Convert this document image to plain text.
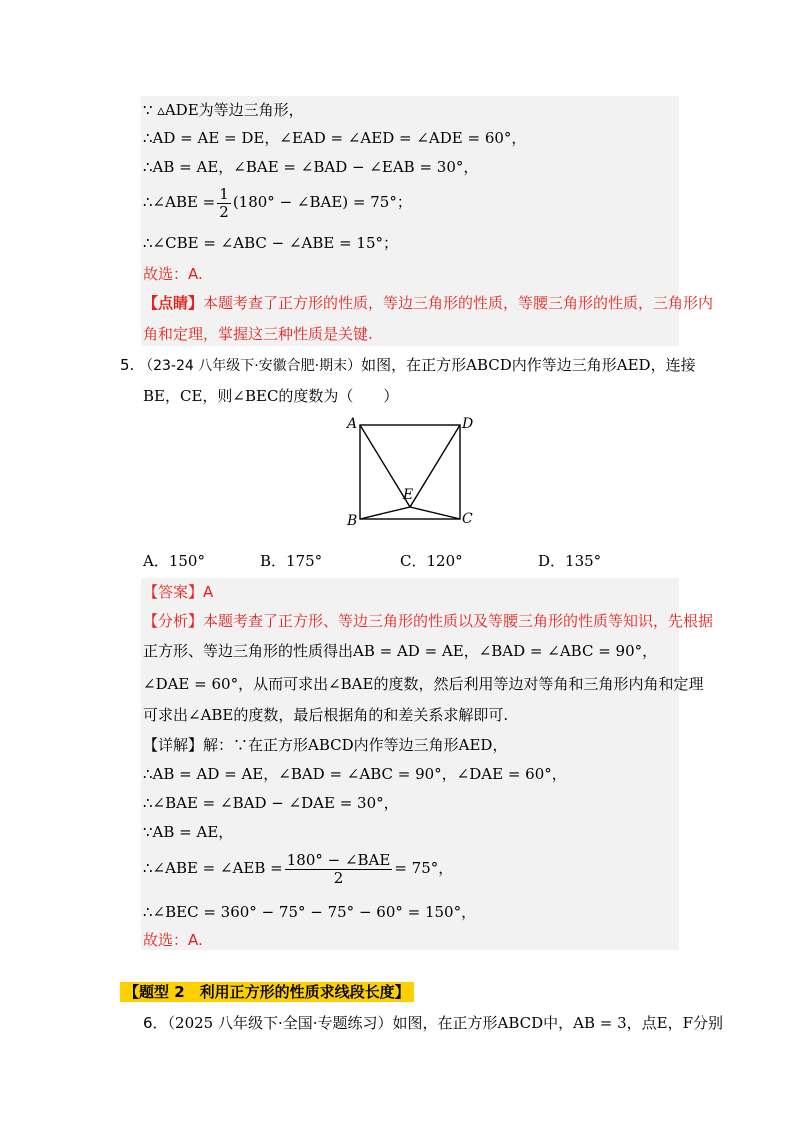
∵ ▵ADE为等边三角形，
∴AD = AE = DE，∠EAD = ∠AED = ∠ADE = 60°，
∴AB = AE，∠BAE = ∠BAD − ∠EAB = 30°，
∴∠ABE = $\frac{1}{2} (180^\circ$ − ∠BAE) = 75°；
∴∠CBE = ∠ABC − ∠ABE = 15°；
故选：A.
【点睛】本题考查了正方形的性质，等边三角形的性质，等腰三角形的性质，三角形内
角和定理，掌握这三种性质是关键.
5. （23-24 八年级下·安徽合肥·期末）如图，在正方形ABCD内作等边三角形AED，连接
BE，CE，则∠BEC的度数为（　　）
A	D
E
B	C
A．150°	B．175°	C．120°	D．135°
【答案】A
【分析】本题考查了正方形、等边三角形的性质以及等腰三角形的性质等知识，先根据
正方形、等边三角形的性质得出AB = AD = AE，∠BAD = ∠ABC = 90°，
∠DAE = 60°，从而可求出∠BAE的度数，然后利用等边对等角和三角形内角和定理
可求出∠ABE的度数，最后根据角的和差关系求解即可.
【详解】解：∵在正方形ABCD内作等边三角形AED，
∴AB = AD = AE，∠BAD = ∠ABC = 90°，∠DAE = 60°，
∴∠BAE = ∠BAD − ∠DAE = 30°，
∵AB = AE，
∴∠ABE = ∠AEB = $\frac{\text{180° − ∠BAE}}{2} = 75^\circ$，
∴∠BEC = 360° − 75° − 75° − 60° = 150°，
故选：A.
【题型 2　利用正方形的性质求线段长度】
6．（2025 八年级下·全国·专题练习）如图，在正方形ABCD中，AB = 3，点E，F分别
